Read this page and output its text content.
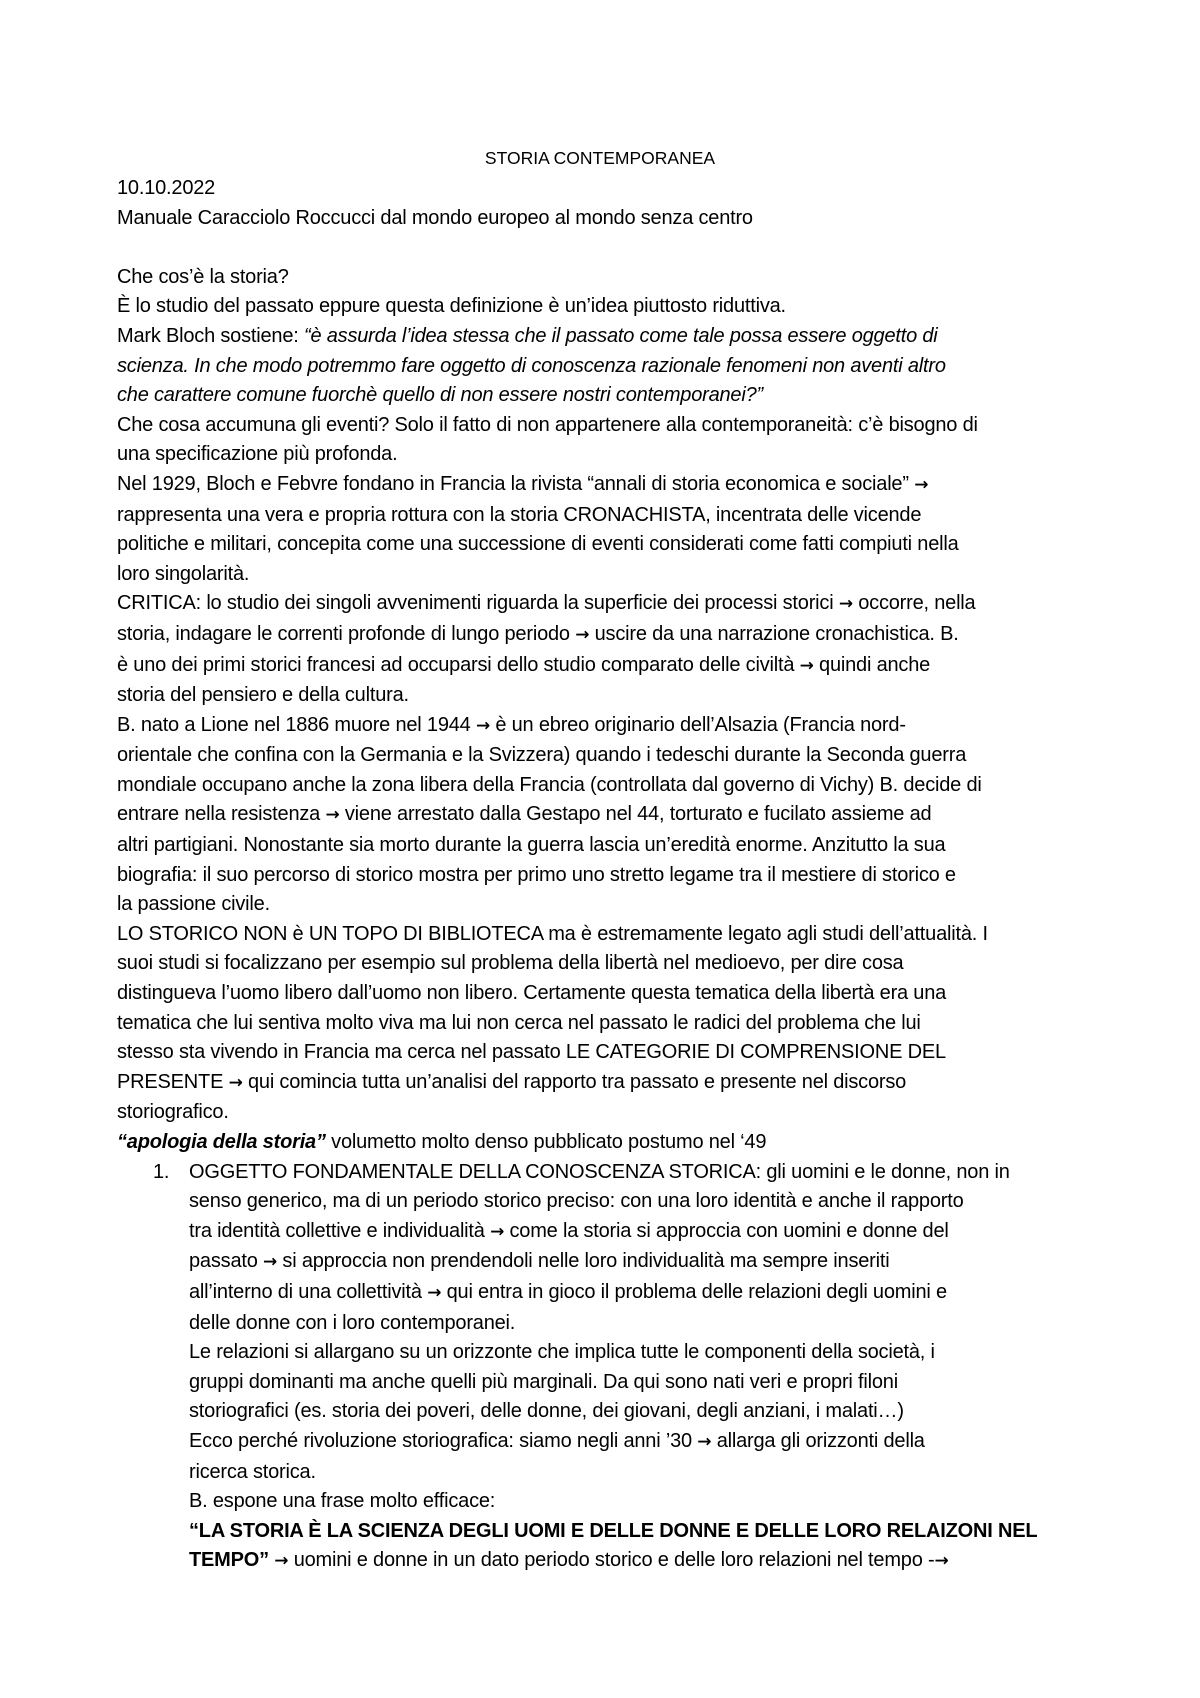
STORIA CONTEMPORANEA
10.10.2022
Manuale Caracciolo Roccucci dal mondo europeo al mondo senza centro
Che cos’è la storia?
È lo studio del passato eppure questa definizione è un’idea piuttosto riduttiva.
Mark Bloch sostiene: “è assurda l’idea stessa che il passato come tale possa essere oggetto di
scienza. In che modo potremmo fare oggetto di conoscenza razionale fenomeni non aventi altro
che carattere comune fuorchè quello di non essere nostri contemporanei?”
Che cosa accumuna gli eventi? Solo il fatto di non appartenere alla contemporaneità: c’è bisogno di
una specificazione più profonda.
Nel 1929, Bloch e Febvre fondano in Francia la rivista “annali di storia economica e sociale” →
rappresenta una vera e propria rottura con la storia CRONACHISTA, incentrata delle vicende
politiche e militari, concepita come una successione di eventi considerati come fatti compiuti nella
loro singolarità.
CRITICA: lo studio dei singoli avvenimenti riguarda la superficie dei processi storici → occorre, nella
storia, indagare le correnti profonde di lungo periodo → uscire da una narrazione cronachistica. B.
è uno dei primi storici francesi ad occuparsi dello studio comparato delle civiltà → quindi anche
storia del pensiero e della cultura.
B. nato a Lione nel 1886 muore nel 1944 → è un ebreo originario dell’Alsazia (Francia nord-
orientale che confina con la Germania e la Svizzera) quando i tedeschi durante la Seconda guerra
mondiale occupano anche la zona libera della Francia (controllata dal governo di Vichy) B. decide di
entrare nella resistenza → viene arrestato dalla Gestapo nel 44, torturato e fucilato assieme ad
altri partigiani. Nonostante sia morto durante la guerra lascia un’eredità enorme. Anzitutto la sua
biografia: il suo percorso di storico mostra per primo uno stretto legame tra il mestiere di storico e
la passione civile.
LO STORICO NON è UN TOPO DI BIBLIOTECA ma è estremamente legato agli studi dell’attualità. I
suoi studi si focalizzano per esempio sul problema della libertà nel medioevo, per dire cosa
distingueva l’uomo libero dall’uomo non libero. Certamente questa tematica della libertà era una
tematica che lui sentiva molto viva ma lui non cerca nel passato le radici del problema che lui
stesso sta vivendo in Francia ma cerca nel passato LE CATEGORIE DI COMPRENSIONE DEL
PRESENTE → qui comincia tutta un’analisi del rapporto tra passato e presente nel discorso
storiografico.
“apologia della storia” volumetto molto denso pubblicato postumo nel ‘49
1. OGGETTO FONDAMENTALE DELLA CONOSCENZA STORICA: gli uomini e le donne, non in
senso generico, ma di un periodo storico preciso: con una loro identità e anche il rapporto
tra identità collettive e individualità → come la storia si approccia con uomini e donne del
passato → si approccia non prendendoli nelle loro individualità ma sempre inseriti
all’interno di una collettività → qui entra in gioco il problema delle relazioni degli uomini e
delle donne con i loro contemporanei.
Le relazioni si allargano su un orizzonte che implica tutte le componenti della società, i
gruppi dominanti ma anche quelli più marginali. Da qui sono nati veri e propri filoni
storiografici (es. storia dei poveri, delle donne, dei giovani, degli anziani, i malati…)
Ecco perché rivoluzione storiografica: siamo negli anni ’30 → allarga gli orizzonti della
ricerca storica.
B. espone una frase molto efficace:
“LA STORIA È LA SCIENZA DEGLI UOMI E DELLE DONNE E DELLE LORO RELAIZONI NEL
TEMPO” → uomini e donne in un dato periodo storico e delle loro relazioni nel tempo -→
